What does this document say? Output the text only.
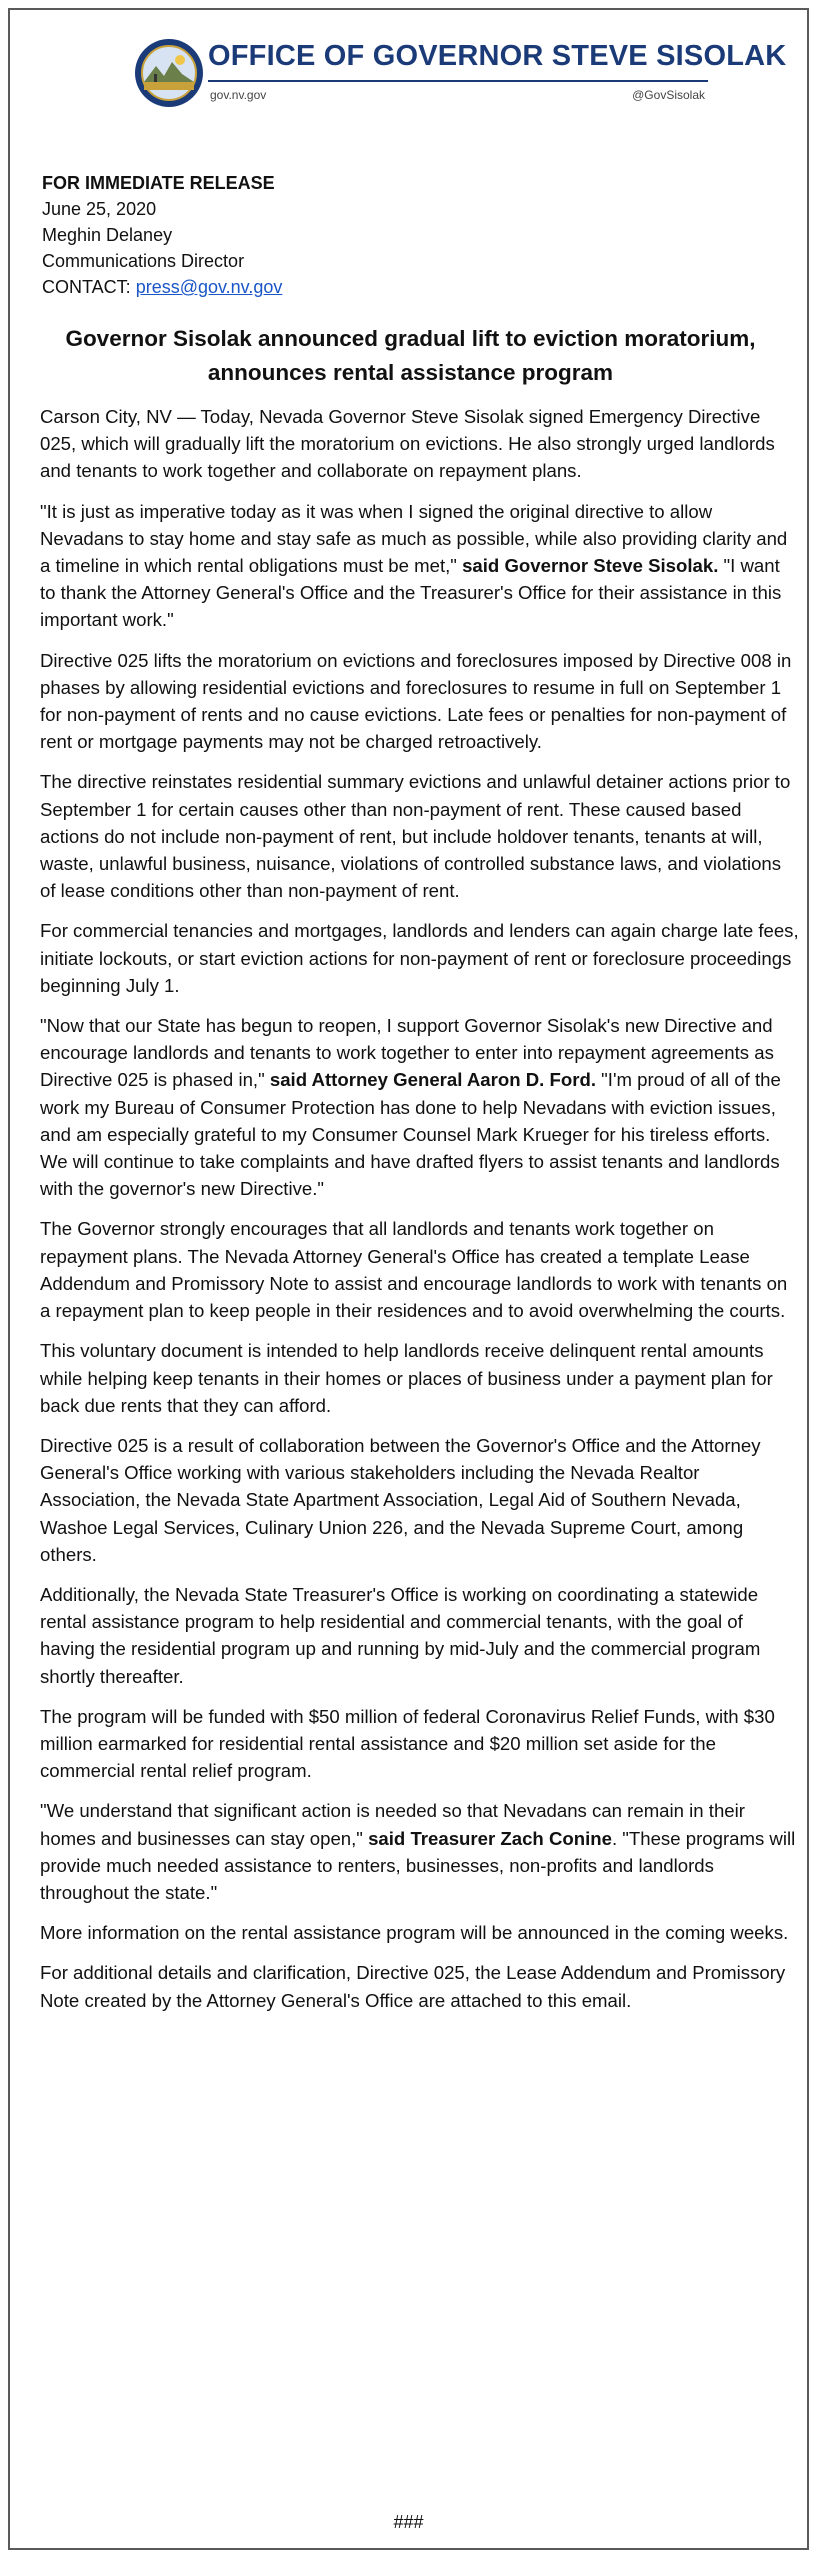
OFFICE OF GOVERNOR STEVE SISOLAK
gov.nv.gov	@GovSisolak
FOR IMMEDIATE RELEASE
June 25, 2020
Meghin Delaney
Communications Director
CONTACT: press@gov.nv.gov
Governor Sisolak announced gradual lift to eviction moratorium, announces rental assistance program

Carson City, NV — Today, Nevada Governor Steve Sisolak signed Emergency Directive 025, which will gradually lift the moratorium on evictions. He also strongly urged landlords and tenants to work together and collaborate on repayment plans.

"It is just as imperative today as it was when I signed the original directive to allow Nevadans to stay home and stay safe as much as possible, while also providing clarity and a timeline in which rental obligations must be met," said Governor Steve Sisolak. "I want to thank the Attorney General's Office and the Treasurer's Office for their assistance in this important work."

Directive 025 lifts the moratorium on evictions and foreclosures imposed by Directive 008 in phases by allowing residential evictions and foreclosures to resume in full on September 1 for non-payment of rents and no cause evictions. Late fees or penalties for non-payment of rent or mortgage payments may not be charged retroactively.

The directive reinstates residential summary evictions and unlawful detainer actions prior to September 1 for certain causes other than non-payment of rent. These caused based actions do not include non-payment of rent, but include holdover tenants, tenants at will, waste, unlawful business, nuisance, violations of controlled substance laws, and violations of lease conditions other than non-payment of rent.

For commercial tenancies and mortgages, landlords and lenders can again charge late fees, initiate lockouts, or start eviction actions for non-payment of rent or foreclosure proceedings beginning July 1.

"Now that our State has begun to reopen, I support Governor Sisolak's new Directive and encourage landlords and tenants to work together to enter into repayment agreements as Directive 025 is phased in," said Attorney General Aaron D. Ford. "I'm proud of all of the work my Bureau of Consumer Protection has done to help Nevadans with eviction issues, and am especially grateful to my Consumer Counsel Mark Krueger for his tireless efforts. We will continue to take complaints and have drafted flyers to assist tenants and landlords with the governor's new Directive."

The Governor strongly encourages that all landlords and tenants work together on repayment plans. The Nevada Attorney General's Office has created a template Lease Addendum and Promissory Note to assist and encourage landlords to work with tenants on a repayment plan to keep people in their residences and to avoid overwhelming the courts.

This voluntary document is intended to help landlords receive delinquent rental amounts while helping keep tenants in their homes or places of business under a payment plan for back due rents that they can afford.

Directive 025 is a result of collaboration between the Governor's Office and the Attorney General's Office working with various stakeholders including the Nevada Realtor Association, the Nevada State Apartment Association, Legal Aid of Southern Nevada, Washoe Legal Services, Culinary Union 226, and the Nevada Supreme Court, among others.

Additionally, the Nevada State Treasurer's Office is working on coordinating a statewide rental assistance program to help residential and commercial tenants, with the goal of having the residential program up and running by mid-July and the commercial program shortly thereafter.

The program will be funded with $50 million of federal Coronavirus Relief Funds, with $30 million earmarked for residential rental assistance and $20 million set aside for the commercial rental relief program.

"We understand that significant action is needed so that Nevadans can remain in their homes and businesses can stay open," said Treasurer Zach Conine. "These programs will provide much needed assistance to renters, businesses, non-profits and landlords throughout the state."

More information on the rental assistance program will be announced in the coming weeks.

For additional details and clarification, Directive 025, the Lease Addendum and Promissory Note created by the Attorney General's Office are attached to this email.

###
